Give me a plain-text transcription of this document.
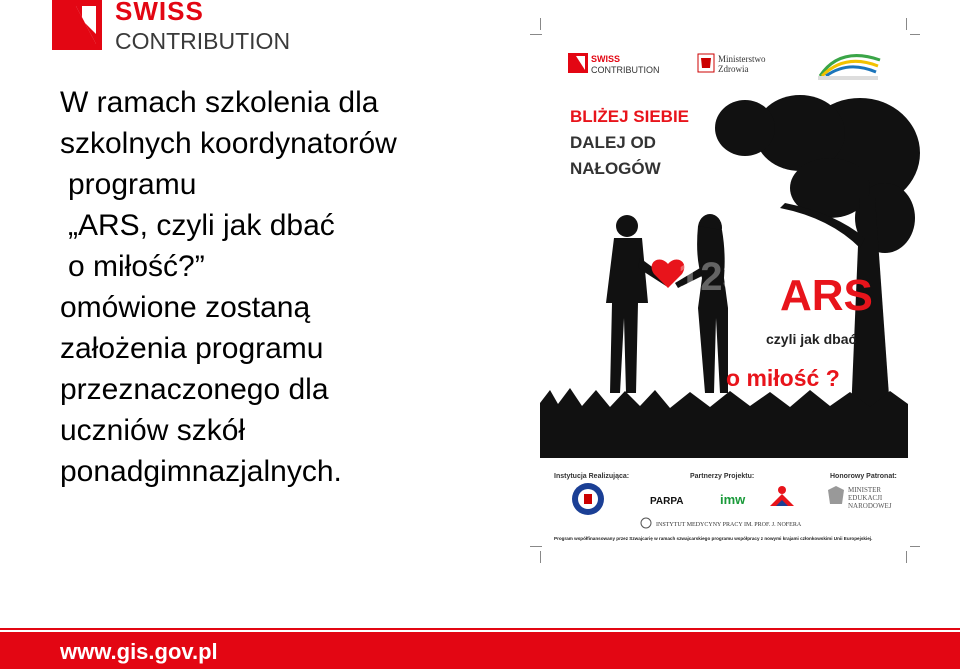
SWISS
CONTRIBUTION
W ramach szkolenia dla
szkolnych koordynatorów
programu
„ARS, czyli jak dbać
o miłość?”
omówione zostaną
założenia programu
przeznaczonego dla
uczniów szkół
ponadgimnazjalnych.
SWISS
CONTRIBUTION
Ministerstwo
Zdrowia
123RF
BLIŻEJ SIEBIE
DALEJ OD
NAŁOGÓW
ARS
czyli jak dbać
o miłość ?
Instytucja Realizująca:	Partnerzy Projektu:	Honorowy Patronat:
PARPA	imw
MINISTER
EDUKACJI
NARODOWEJ
INSTYTUT MEDYCYNY PRACY IM. PROF. J. NOFERA
Program współfinansowany przez Szwajcarię w ramach szwajcarskiego programu współpracy z nowymi krajami członkowskimi Unii Europejskiej.
www.gis.gov.pl
